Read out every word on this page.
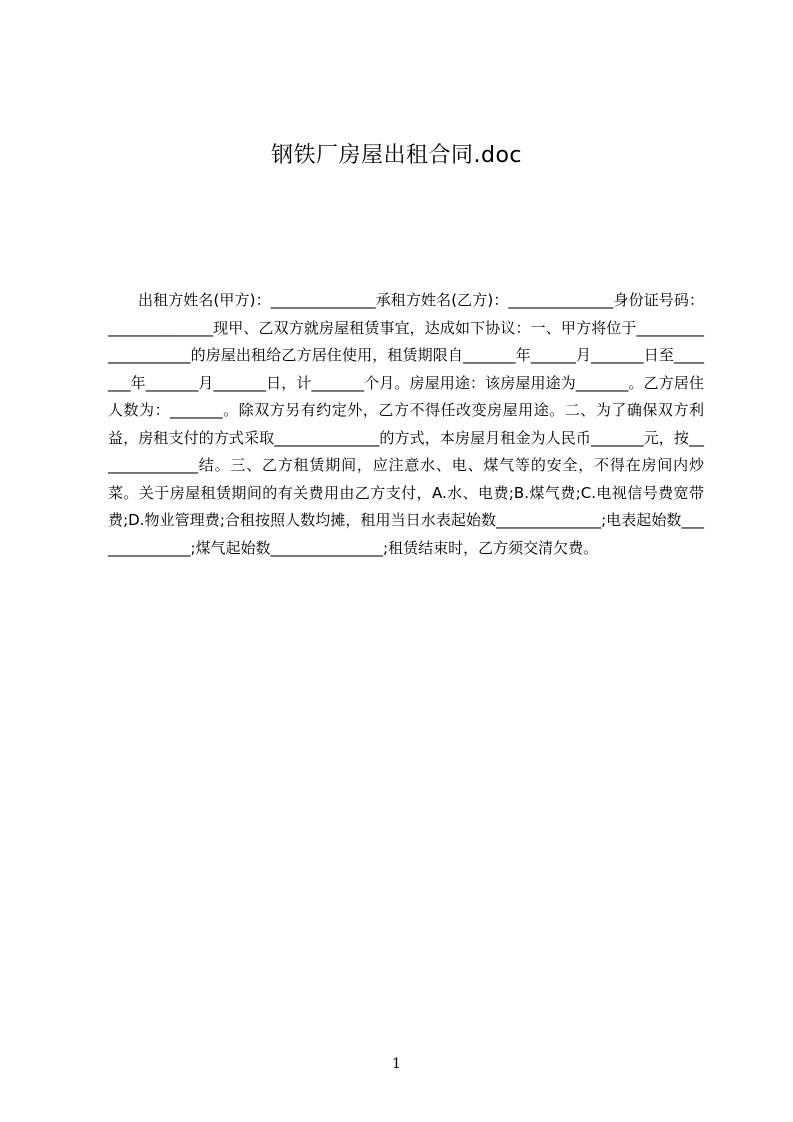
钢铁厂房屋出租合同.doc

出租方姓名(甲方)：______________承租方姓名(乙方)：______________身份证号码：______________现甲、乙双方就房屋租赁事宜，达成如下协议：一、甲方将位于____________________的房屋出租给乙方居住使用，租赁期限自_______年______月_______日至_______年_______月_______日，计_______个月。房屋用途：该房屋用途为_______。乙方居住人数为：_______。除双方另有约定外，乙方不得任改变房屋用途。二、为了确保双方利益，房租支付的方式采取______________的方式，本房屋月租金为人民币_______元，按______________结。三、乙方租赁期间，应注意水、电、煤气等的安全，不得在房间内炒菜。关于房屋租赁期间的有关费用由乙方支付，A.水、电费;B.煤气费;C.电视信号费宽带费;D.物业管理费;合租按照人数均摊，租用当日水表起始数______________;电表起始数______________;煤气起始数_______________;租赁结束时，乙方须交清欠费。

1
